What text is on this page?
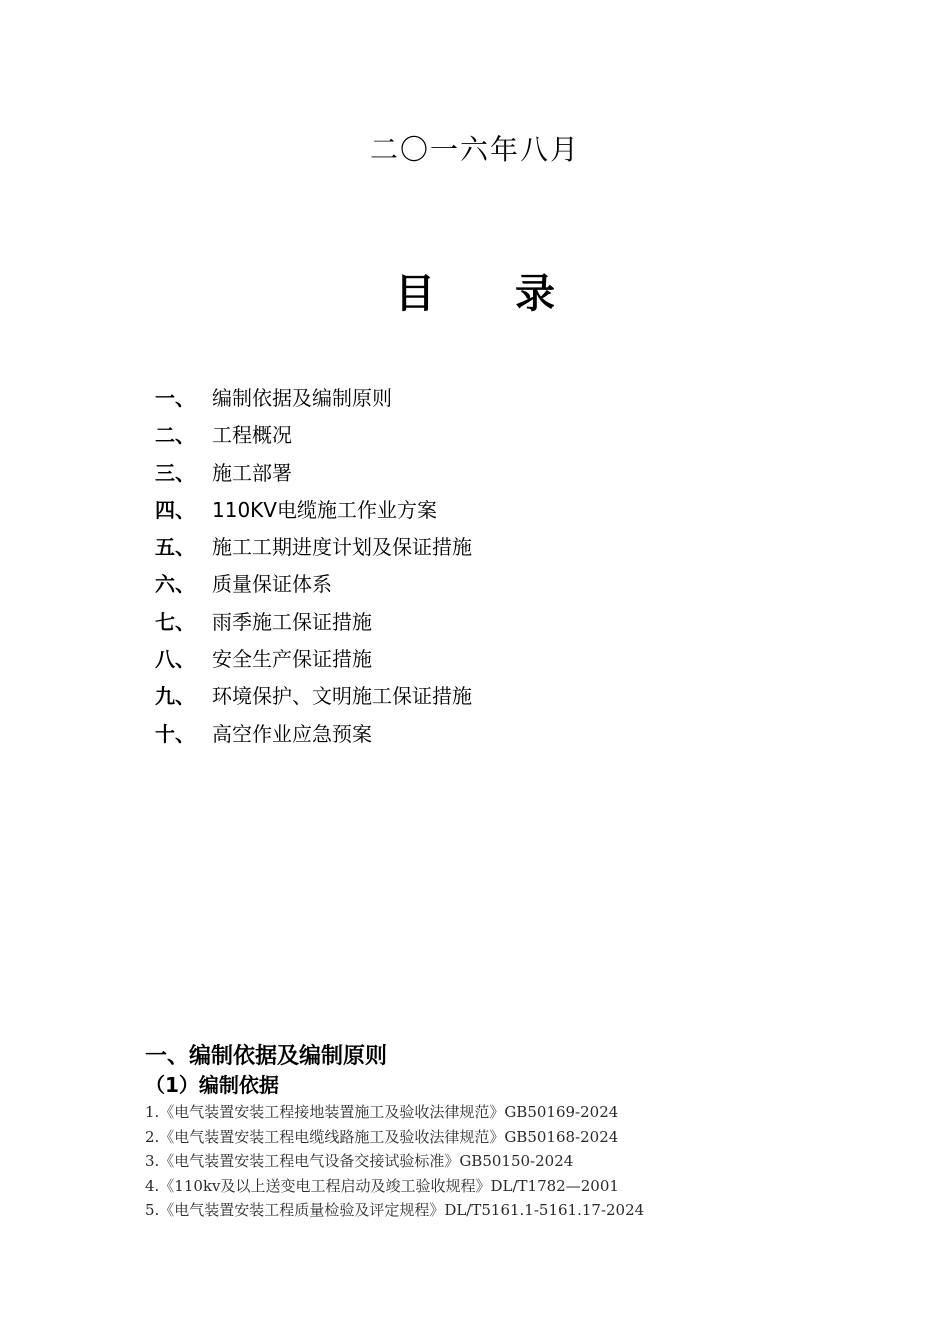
二〇一六年八月
目 录
一、 编制依据及编制原则
二、 工程概况
三、 施工部署
四、 110KV电缆施工作业方案
五、 施工工期进度计划及保证措施
六、 质量保证体系
七、 雨季施工保证措施
八、 安全生产保证措施
九、 环境保护、文明施工保证措施
十、 高空作业应急预案
一、编制依据及编制原则
（1）编制依据
1.《电气装置安装工程接地装置施工及验收法律规范》GB50169-2024
2.《电气装置安装工程电缆线路施工及验收法律规范》GB50168-2024
3.《电气装置安装工程电气设备交接试验标准》GB50150-2024
4.《110kv及以上送变电工程启动及竣工验收规程》DL/T1782—2001
5.《电气装置安装工程质量检验及评定规程》DL/T5161.1-5161.17-2024
